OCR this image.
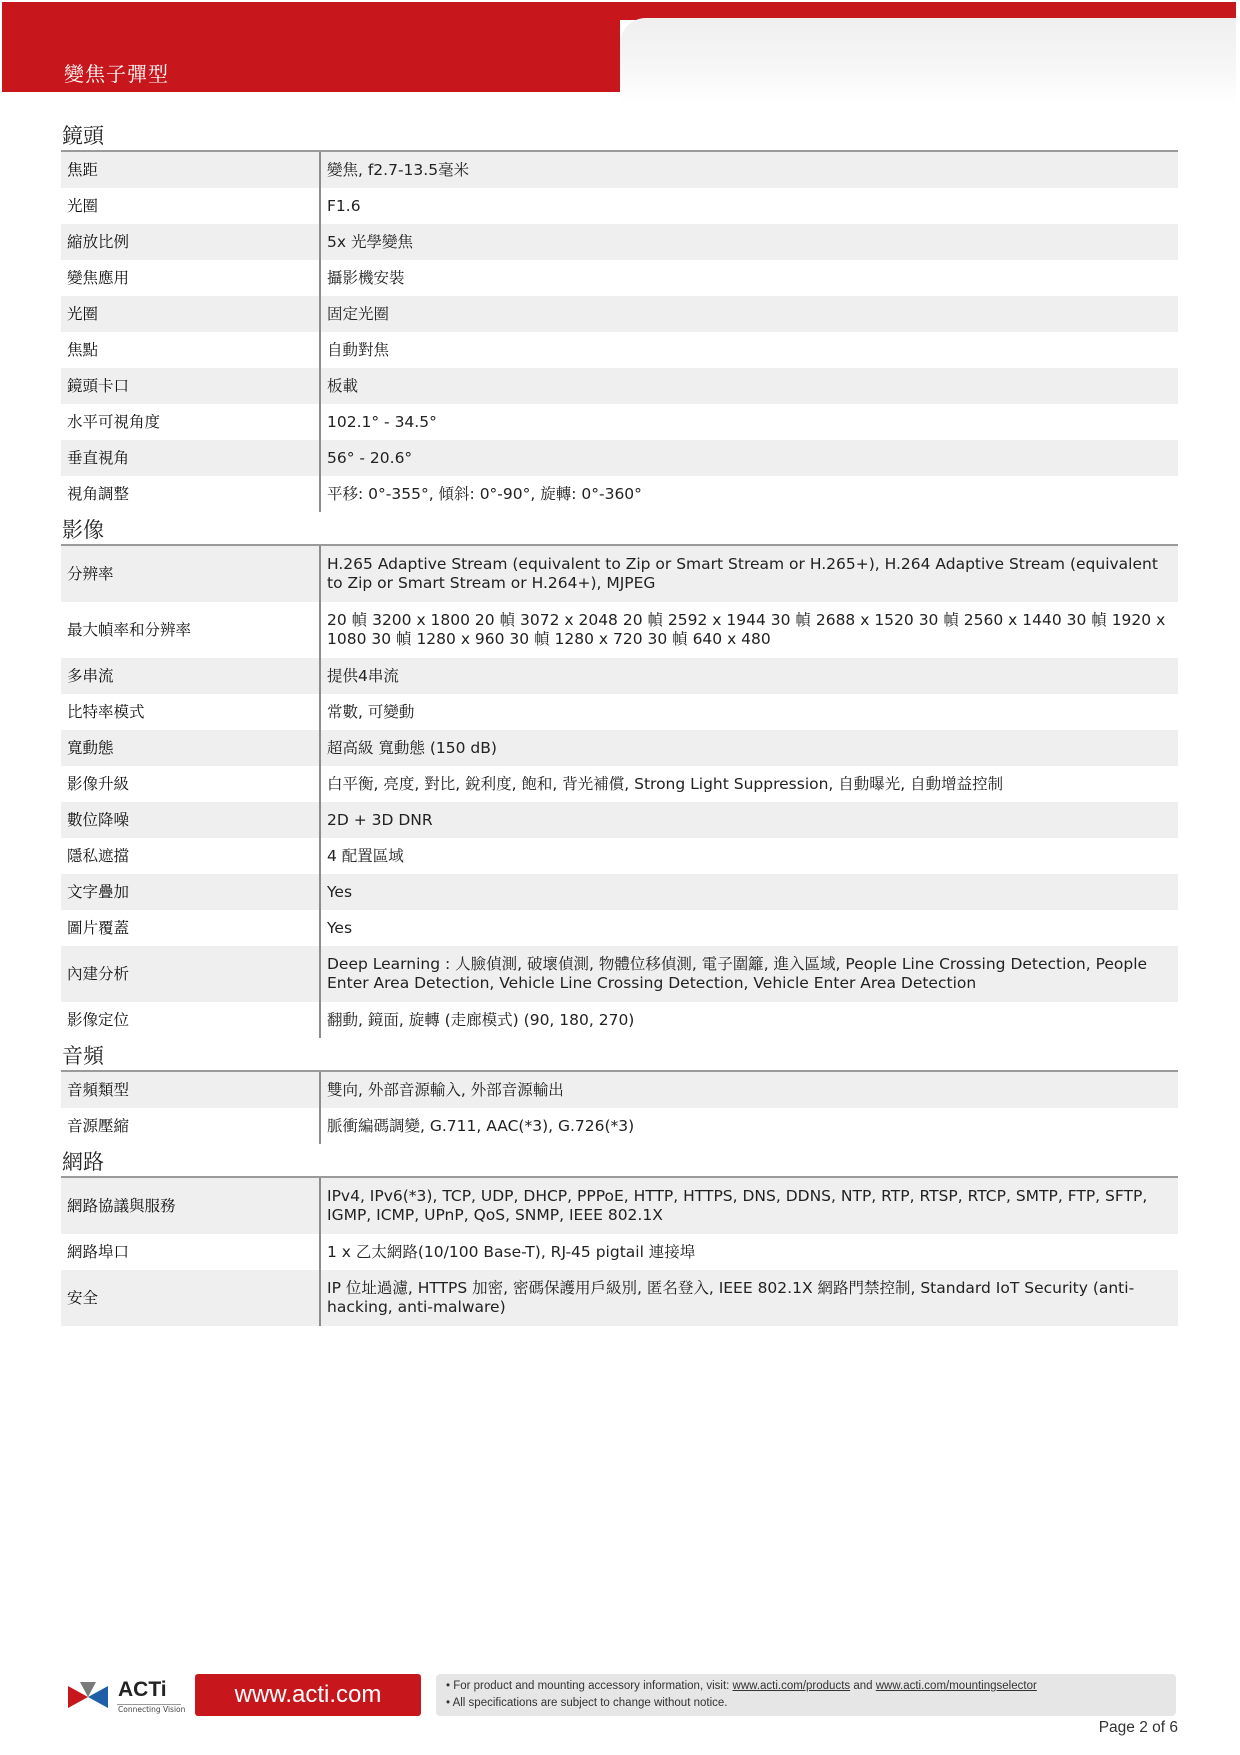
變焦子彈型
鏡頭
焦距	變焦, f2.7-13.5毫米
光圈	F1.6
縮放比例	5x 光學變焦
變焦應用	攝影機安裝
光圈	固定光圈
焦點	自動對焦
鏡頭卡口	板載
水平可視角度	102.1° - 34.5°
垂直視角	56° - 20.6°
視角調整	平移: 0°-355°, 傾斜: 0°-90°, 旋轉: 0°-360°
影像
分辨率	H.265 Adaptive Stream (equivalent to Zip or Smart Stream or H.265+), H.264 Adaptive Stream (equivalent to Zip or Smart Stream or H.264+), MJPEG
最大幀率和分辨率	20 幀 3200 x 1800 20 幀 3072 x 2048 20 幀 2592 x 1944 30 幀 2688 x 1520 30 幀 2560 x 1440 30 幀 1920 x 1080 30 幀 1280 x 960 30 幀 1280 x 720 30 幀 640 x 480
多串流	提供4串流
比特率模式	常數, 可變動
寬動態	超高級 寬動態 (150 dB)
影像升級	白平衡, 亮度, 對比, 銳利度, 飽和, 背光補償, Strong Light Suppression, 自動曝光, 自動增益控制
數位降噪	2D + 3D DNR
隱私遮擋	4 配置區域
文字疊加	Yes
圖片覆蓋	Yes
內建分析	Deep Learning : 人臉偵測, 破壞偵測, 物體位移偵測, 電子圍籬, 進入區域, People Line Crossing Detection, People Enter Area Detection, Vehicle Line Crossing Detection, Vehicle Enter Area Detection
影像定位	翻動, 鏡面, 旋轉 (走廊模式) (90, 180, 270)
音頻
音頻類型	雙向, 外部音源輸入, 外部音源輸出
音源壓縮	脈衝編碼調變, G.711, AAC(*3), G.726(*3)
網路
網路協議與服務	IPv4, IPv6(*3), TCP, UDP, DHCP, PPPoE, HTTP, HTTPS, DNS, DDNS, NTP, RTP, RTSP, RTCP, SMTP, FTP, SFTP, IGMP, ICMP, UPnP, QoS, SNMP, IEEE 802.1X
網路埠口	1 x 乙太網路(10/100 Base-T), RJ-45 pigtail 連接埠
安全	IP 位址過濾, HTTPS 加密, 密碼保護用戶級別, 匿名登入, IEEE 802.1X 網路門禁控制, Standard IoT Security (anti-hacking, anti-malware)
ACTi
Connecting Vision
www.acti.com	• For product and mounting accessory information, visit: www.acti.com/products and www.acti.com/mountingselector
• All specifications are subject to change without notice.
Page 2 of 6
